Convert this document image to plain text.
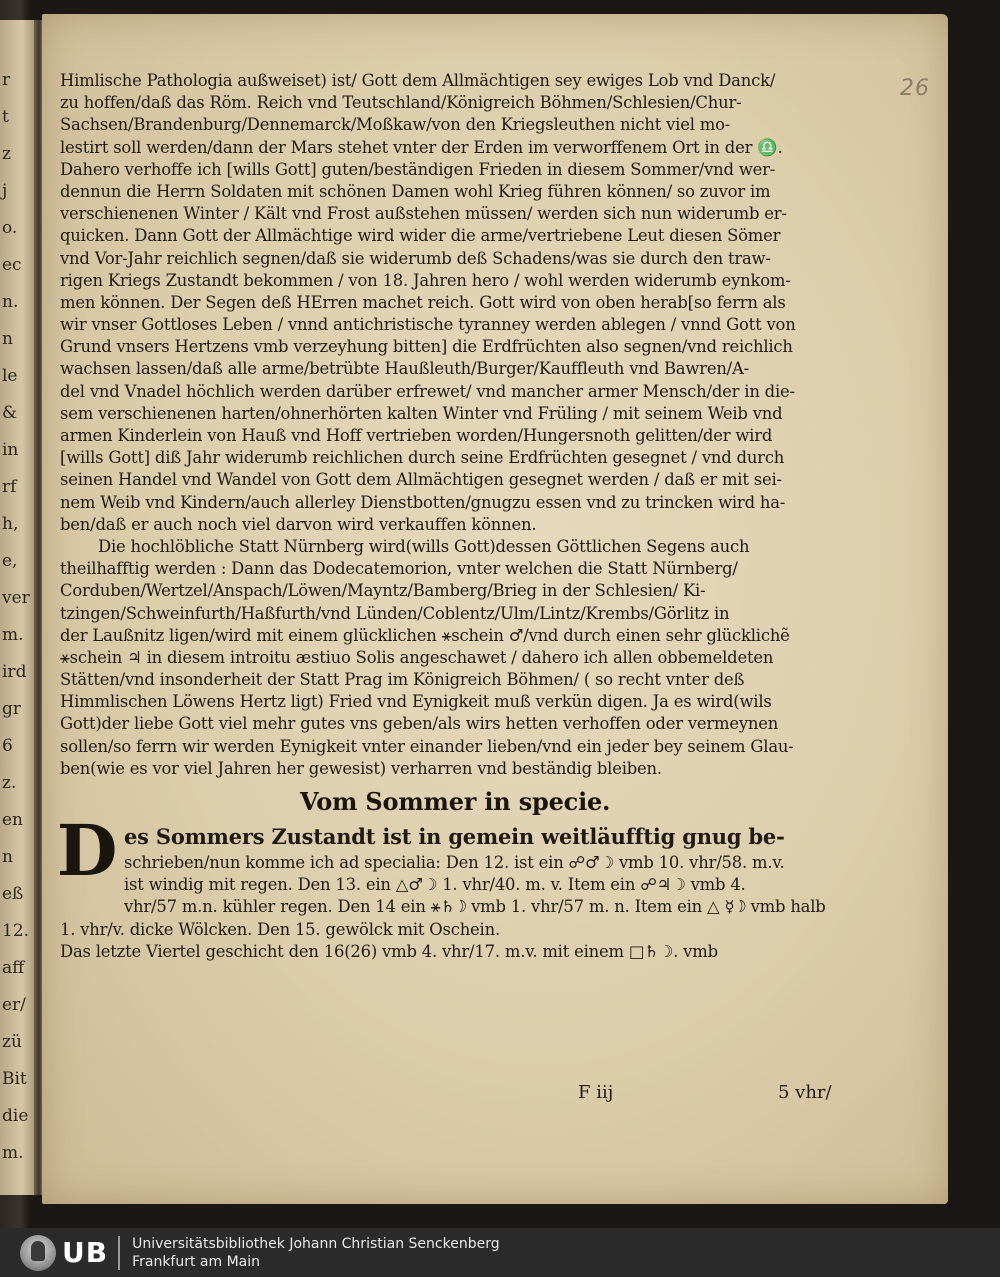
r
t
z
j
o.
ec
n.
n
le
&
in
rf
h,
e,
ver
m.
ird
gr
6
z.
en
n
eß
12.
aff
er/
zü
Bit
die
m.
26
Himlische Pathologia außweiset) ist/ Gott dem Allmächtigen sey ewiges Lob vnd Danck/
zu hoffen/daß das Röm. Reich vnd Teutschland/Königreich Böhmen/Schlesien/Chur-
Sachsen/Brandenburg/Dennemarck/Moßkaw/von den Kriegsleuthen nicht viel mo-
lestirt soll werden/dann der Mars stehet vnter der Erden im verworffenem Ort in der ♎.
Dahero verhoffe ich [wills Gott] guten/beständigen Frieden in diesem Sommer/vnd wer-
dennun die Herrn Soldaten mit schönen Damen wohl Krieg führen können/ so zuvor im
verschienenen Winter / Kält vnd Frost außstehen müssen/ werden sich nun widerumb er-
quicken. Dann Gott der Allmächtige wird wider die arme/vertriebene Leut diesen Sömer
vnd Vor-Jahr reichlich segnen/daß sie widerumb deß Schadens/was sie durch den traw-
rigen Kriegs Zustandt bekommen / von 18. Jahren hero / wohl werden widerumb eynkom-
men können. Der Segen deß HErren machet reich. Gott wird von oben herab[so ferrn als
wir vnser Gottloses Leben / vnnd antichristische tyranney werden ablegen / vnnd Gott von
Grund vnsers Hertzens vmb verzeyhung bitten] die Erdfrüchten also segnen/vnd reichlich
wachsen lassen/daß alle arme/betrübte Haußleuth/Burger/Kauffleuth vnd Bawren/A-
del vnd Vnadel höchlich werden darüber erfrewet/ vnd mancher armer Mensch/der in die-
sem verschienenen harten/ohnerhörten kalten Winter vnd Früling / mit seinem Weib vnd
armen Kinderlein von Hauß vnd Hoff vertrieben worden/Hungersnoth gelitten/der wird
[wills Gott] diß Jahr widerumb reichlichen durch seine Erdfrüchten gesegnet / vnd durch
seinen Handel vnd Wandel von Gott dem Allmächtigen gesegnet werden / daß er mit sei-
nem Weib vnd Kindern/auch allerley Dienstbotten/gnugzu essen vnd zu trincken wird ha-
ben/daß er auch noch viel darvon wird verkauffen können.
Die hochlöbliche Statt Nürnberg wird(wills Gott)dessen Göttlichen Segens auch
theilhafftig werden : Dann das Dodecatemorion, vnter welchen die Statt Nürnberg/
Corduben/Wertzel/Anspach/Löwen/Mayntz/Bamberg/Brieg in der Schlesien/ Ki-
tzingen/Schweinfurth/Haßfurth/vnd Lünden/Coblentz/Ulm/Lintz/Krembs/Görlitz in
der Laußnitz ligen/wird mit einem glücklichen ⚹schein ♂/vnd durch einen sehr glücklichẽ
⚹schein ♃ in diesem introitu æstiuo Solis angeschawet / dahero ich allen obbemeldeten
Stätten/vnd insonderheit der Statt Prag im Königreich Böhmen/ ( so recht vnter deß
Himmlischen Löwens Hertz ligt) Fried vnd Eynigkeit muß verkün digen. Ja es wird(wils
Gott)der liebe Gott viel mehr gutes vns geben/als wirs hetten verhoffen oder vermeynen
sollen/so ferrn wir werden Eynigkeit vnter einander lieben/vnd ein jeder bey seinem Glau-
ben(wie es vor viel Jahren her gewesist) verharren vnd beständig bleiben.
Vom Sommer in specie.
D es Sommers Zustandt ist in gemein weitläufftig gnug be-
schrieben/nun komme ich ad specialia: Den 12. ist ein ☍♂☽ vmb 10. vhr/58. m.v.
ist windig mit regen. Den 13. ein △♂☽ 1. vhr/40. m. v. Item ein ☍♃☽ vmb 4.
vhr/57 m.n. kühler regen. Den 14 ein ⚹♄☽ vmb 1. vhr/57 m. n. Item ein △ ☿☽ vmb halb
1. vhr/v. dicke Wölcken. Den 15. gewölck mit Oschein.
Das letzte Viertel geschicht den 16(26) vmb 4. vhr/17. m.v. mit einem □♄☽. vmb
F iij	5 vhr/
UB	Universitätsbibliothek Johann Christian Senckenberg
Frankfurt am Main
